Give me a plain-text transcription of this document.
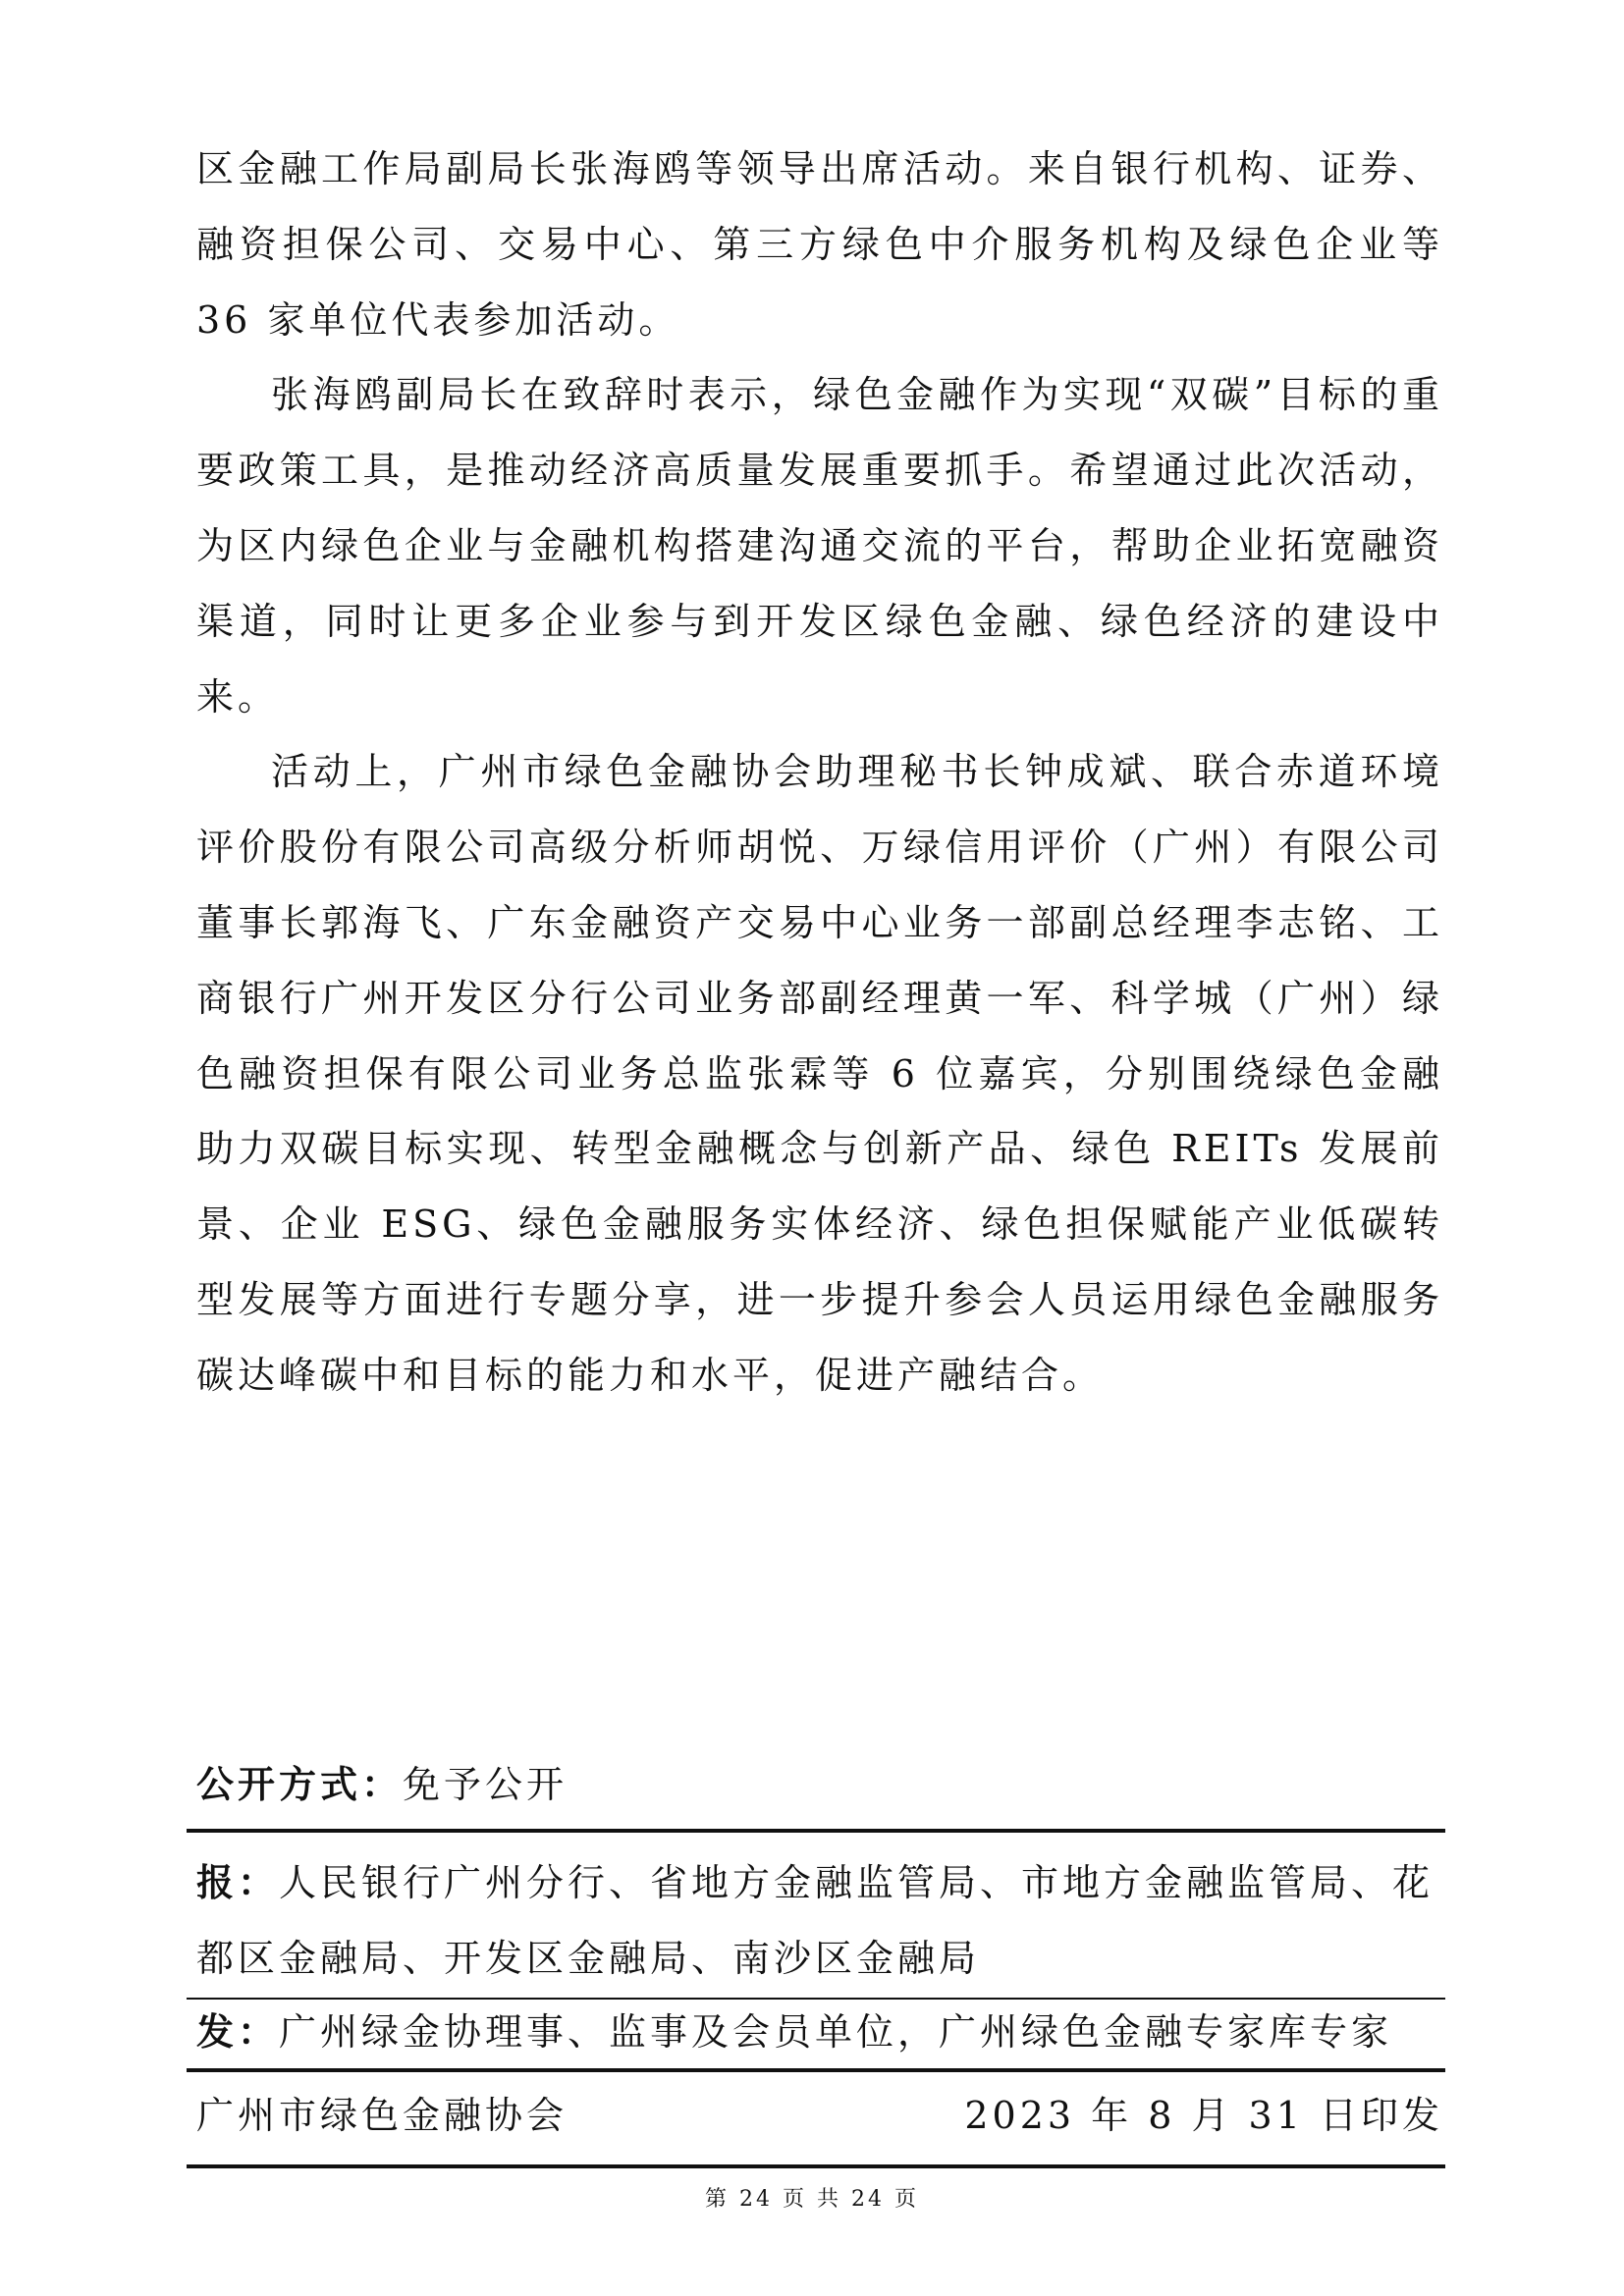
区金融工作局副局长张海鸥等领导出席活动。来自银行机构、证券、融资担保公司、交易中心、第三方绿色中介服务机构及绿色企业等 36 家单位代表参加活动。

张海鸥副局长在致辞时表示，绿色金融作为实现“双碳”目标的重要政策工具，是推动经济高质量发展重要抓手。希望通过此次活动，为区内绿色企业与金融机构搭建沟通交流的平台，帮助企业拓宽融资渠道，同时让更多企业参与到开发区绿色金融、绿色经济的建设中来。

活动上，广州市绿色金融协会助理秘书长钟成斌、联合赤道环境评价股份有限公司高级分析师胡悦、万绿信用评价（广州）有限公司董事长郭海飞、广东金融资产交易中心业务一部副总经理李志铭、工商银行广州开发区分行公司业务部副经理黄一军、科学城（广州）绿色融资担保有限公司业务总监张霖等 6 位嘉宾，分别围绕绿色金融助力双碳目标实现、转型金融概念与创新产品、绿色 REITs 发展前景、企业 ESG、绿色金融服务实体经济、绿色担保赋能产业低碳转型发展等方面进行专题分享，进一步提升参会人员运用绿色金融服务碳达峰碳中和目标的能力和水平，促进产融结合。

公开方式：免予公开
报：人民银行广州分行、省地方金融监管局、市地方金融监管局、花都区金融局、开发区金融局、南沙区金融局
发：广州绿金协理事、监事及会员单位，广州绿色金融专家库专家
广州市绿色金融协会	2023 年 8 月 31 日印发
第 24 页 共 24 页
